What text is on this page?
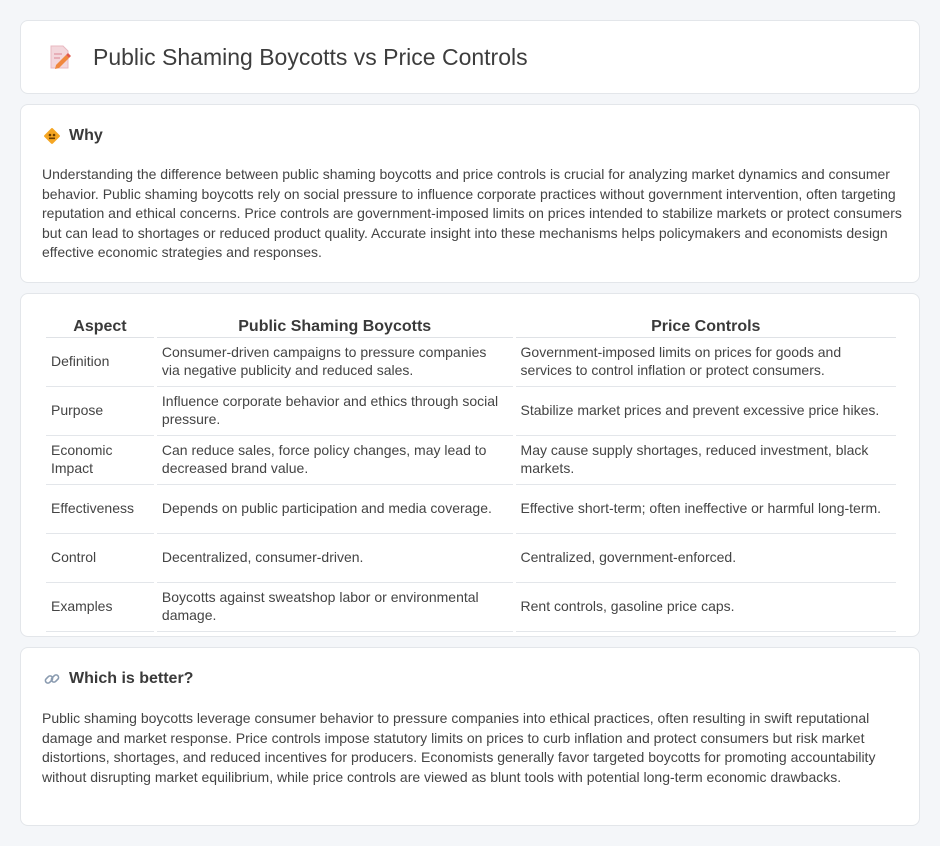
Public Shaming Boycotts vs Price Controls
Why

Understanding the difference between public shaming boycotts and price controls is crucial for analyzing market dynamics and consumer behavior. Public shaming boycotts rely on social pressure to influence corporate practices without government intervention, often targeting reputation and ethical concerns. Price controls are government-imposed limits on prices intended to stabilize markets or protect consumers but can lead to shortages or reduced product quality. Accurate insight into these mechanisms helps policymakers and economists design effective economic strategies and responses.

Aspect	Public Shaming Boycotts	Price Controls
Definition	Consumer-driven campaigns to pressure companies via negative publicity and reduced sales.	Government-imposed limits on prices for goods and services to control inflation or protect consumers.
Purpose	Influence corporate behavior and ethics through social pressure.	Stabilize market prices and prevent excessive price hikes.
Economic Impact	Can reduce sales, force policy changes, may lead to decreased brand value.	May cause supply shortages, reduced investment, black markets.
Effectiveness	Depends on public participation and media coverage.	Effective short-term; often ineffective or harmful long-term.
Control	Decentralized, consumer-driven.	Centralized, government-enforced.
Examples	Boycotts against sweatshop labor or environmental damage.	Rent controls, gasoline price caps.
Which is better?

Public shaming boycotts leverage consumer behavior to pressure companies into ethical practices, often resulting in swift reputational damage and market response. Price controls impose statutory limits on prices to curb inflation and protect consumers but risk market distortions, shortages, and reduced incentives for producers. Economists generally favor targeted boycotts for promoting accountability without disrupting market equilibrium, while price controls are viewed as blunt tools with potential long-term economic drawbacks.
